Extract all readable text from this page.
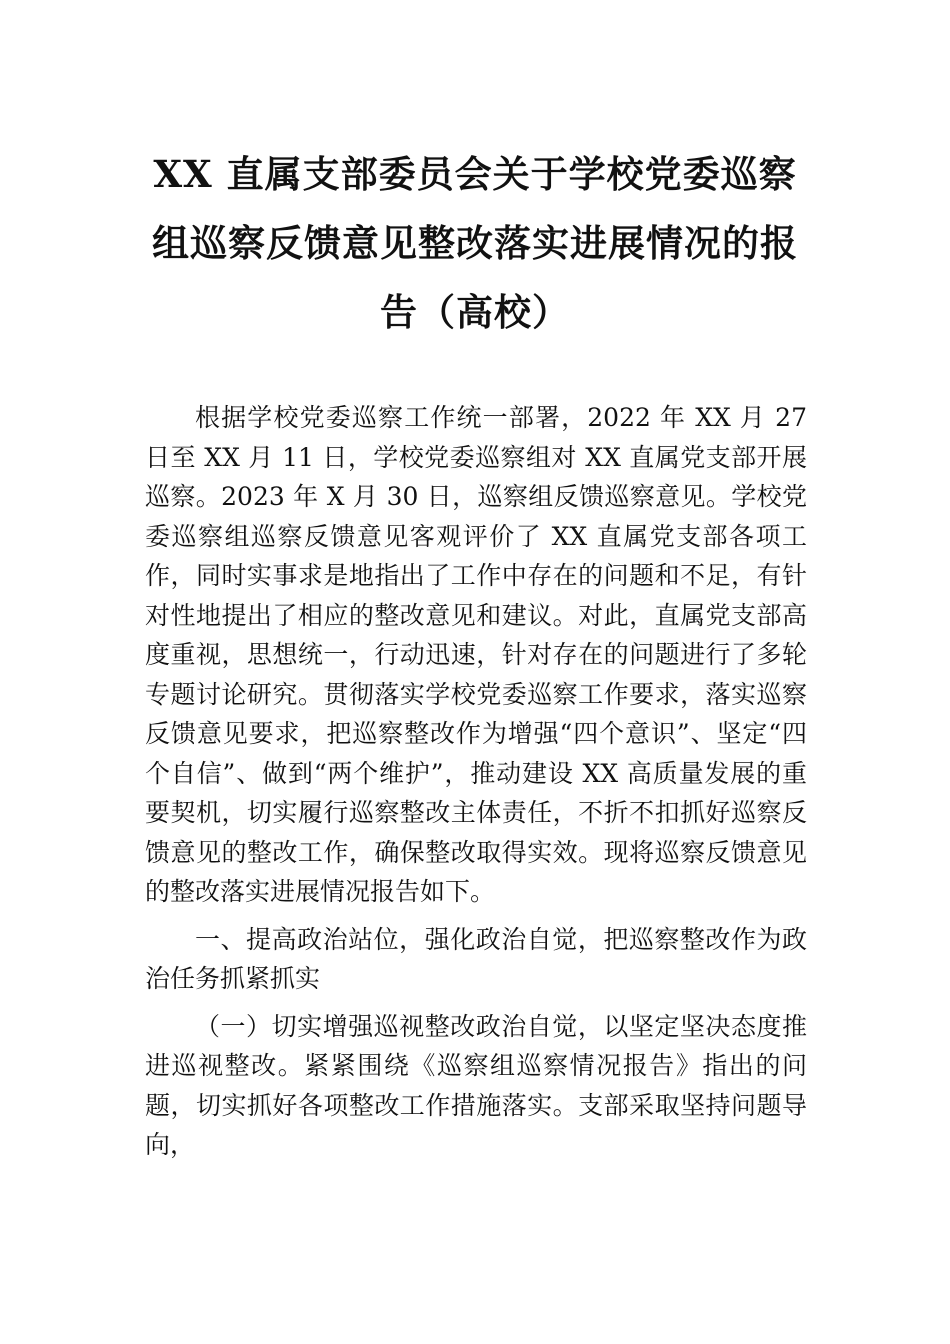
XX 直属支部委员会关于学校党委巡察组巡察反馈意见整改落实进展情况的报告（高校）

根据学校党委巡察工作统一部署，2022 年 XX 月 27 日至 XX 月 11 日，学校党委巡察组对 XX 直属党支部开展巡察。2023 年 X 月 30 日，巡察组反馈巡察意见。学校党委巡察组巡察反馈意见客观评价了 XX 直属党支部各项工作，同时实事求是地指出了工作中存在的问题和不足，有针对性地提出了相应的整改意见和建议。对此，直属党支部高度重视，思想统一，行动迅速，针对存在的问题进行了多轮专题讨论研究。贯彻落实学校党委巡察工作要求，落实巡察反馈意见要求，把巡察整改作为增强“四个意识”、坚定“四个自信”、做到“两个维护”，推动建设 XX 高质量发展的重要契机，切实履行巡察整改主体责任，不折不扣抓好巡察反馈意见的整改工作，确保整改取得实效。现将巡察反馈意见的整改落实进展情况报告如下。

一、提高政治站位，强化政治自觉，把巡察整改作为政治任务抓紧抓实

（一）切实增强巡视整改政治自觉，以坚定坚决态度推进巡视整改。紧紧围绕《巡察组巡察情况报告》指出的问题，切实抓好各项整改工作措施落实。支部采取坚持问题导向，
